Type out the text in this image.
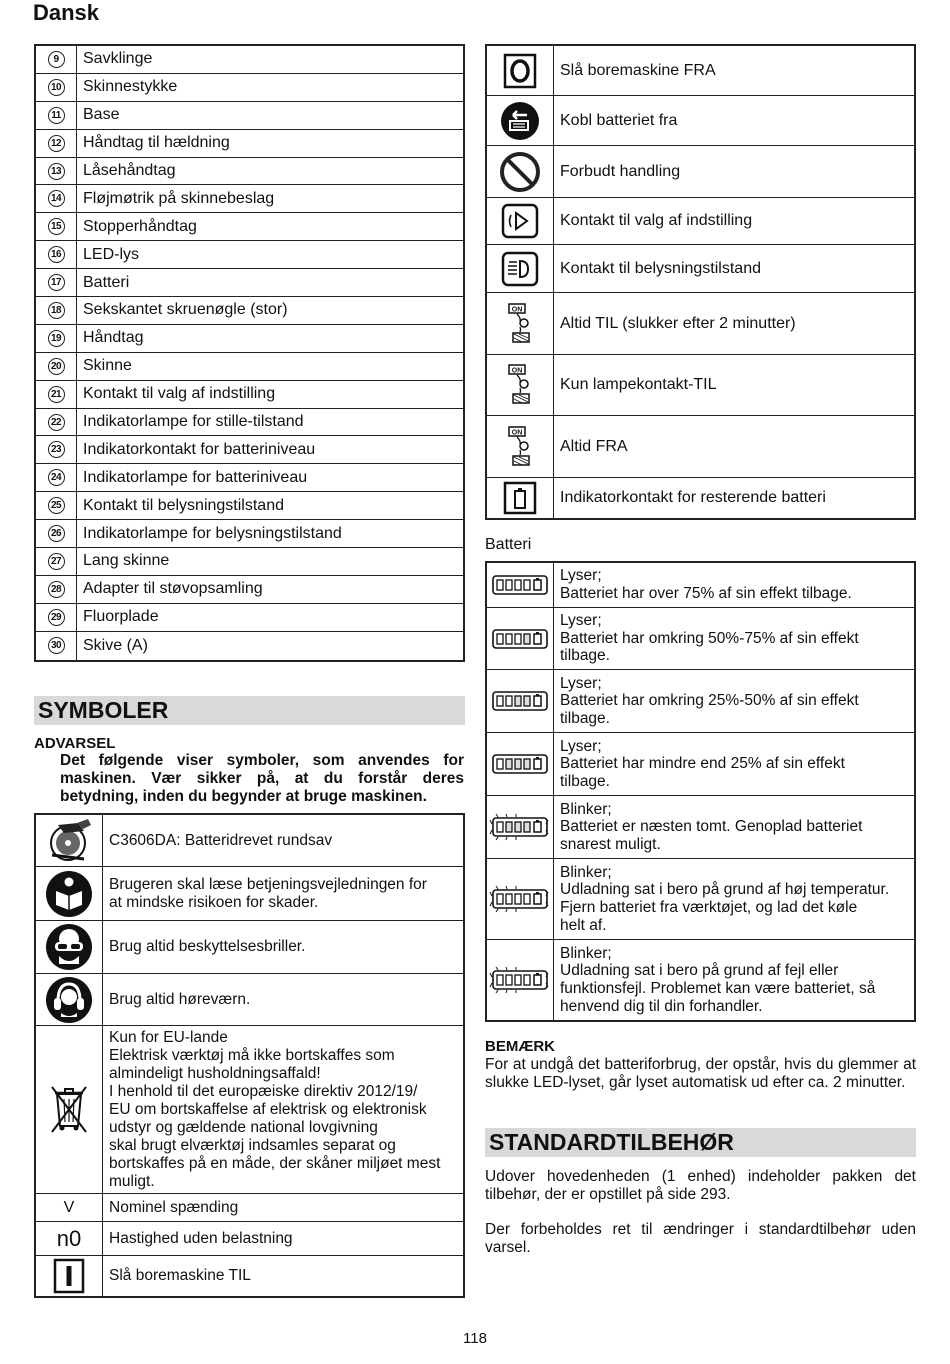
Dansk
9	Savklinge
10	Skinnestykke
11	Base
12	Håndtag til hældning
13	Låsehåndtag
14	Fløjmøtrik på skinnebeslag
15	Stopperhåndtag
16	LED-lys
17	Batteri
18	Sekskantet skruenøgle (stor)
19	Håndtag
20	Skinne
21	Kontakt til valg af indstilling
22	Indikatorlampe for stille-tilstand
23	Indikatorkontakt for batteriniveau
24	Indikatorlampe for batteriniveau
25	Kontakt til belysningstilstand
26	Indikatorlampe for belysningstilstand
27	Lang skinne
28	Adapter til støvopsamling
29	Fluorplade
30	Skive (A)
SYMBOLER
ADVARSEL
Det følgende viser symboler, som anvendes for maskinen. Vær sikker på, at du forstår deres betydning, inden du begynder at bruge maskinen.
C3606DA: Batteridrevet rundsav
Brugeren skal læse betjeningsvejledningen for
at mindske risikoen for skader.
Brug altid beskyttelsesbriller.
Brug altid høreværn.
Kun for EU-lande
Elektrisk værktøj må ikke bortskaffes som
almindeligt husholdningsaffald!
I henhold til det europæiske direktiv 2012/19/
EU om bortskaffelse af elektrisk og elektronisk
udstyr og gældende national lovgivning
skal brugt elværktøj indsamles separat og
bortskaffes på en måde, der skåner miljøet mest
muligt.
V Nominel spænding
n0 Hastighed uden belastning
Slå boremaskine TIL
Slå boremaskine FRA
Kobl batteriet fra
Forbudt handling
Kontakt til valg af indstilling
Kontakt til belysningstilstand
ON
Altid TIL (slukker efter 2 minutter)
ON
Kun lampekontakt-TIL
ON
Altid FRA
Indikatorkontakt for resterende batteri
Batteri
Lyser;
Batteriet har over 75% af sin effekt tilbage.
Lyser;
Batteriet har omkring 50%-75% af sin effekt
tilbage.
Lyser;
Batteriet har omkring 25%-50% af sin effekt
tilbage.
Lyser;
Batteriet har mindre end 25% af sin effekt
tilbage.
Blinker;
Batteriet er næsten tomt. Genoplad batteriet
snarest muligt.
Blinker;
Udladning sat i bero på grund af høj temperatur.
Fjern batteriet fra værktøjet, og lad det køle
helt af.
Blinker;
Udladning sat i bero på grund af fejl eller
funktionsfejl. Problemet kan være batteriet, så
henvend dig til din forhandler.
BEMÆRK
For at undgå det batteriforbrug, der opstår, hvis du glemmer at slukke LED-lyset, går lyset automatisk ud efter ca. 2 minutter.
STANDARDTILBEHØR
Udover hovedenheden (1 enhed) indeholder pakken det tilbehør, der er opstillet på side 293.
Der forbeholdes ret til ændringer i standardtilbehør uden varsel.
118
